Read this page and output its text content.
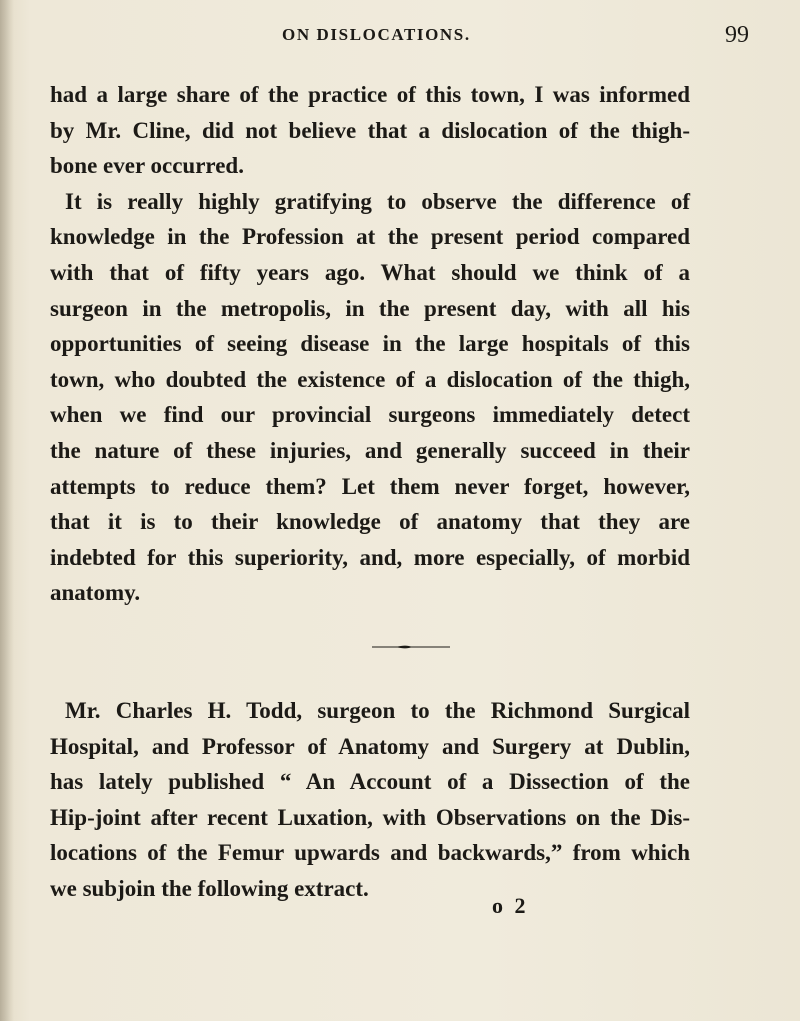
ON DISLOCATIONS.	99
had a large share of the practice of this town, I was informed
by Mr. Cline, did not believe that a dislocation of the thigh-
bone ever occurred.
It is really highly gratifying to observe the difference of
knowledge in the Profession at the present period compared
with that of fifty years ago. What should we think of a
surgeon in the metropolis, in the present day, with all his
opportunities of seeing disease in the large hospitals of this
town, who doubted the existence of a dislocation of the thigh,
when we find our provincial surgeons immediately detect
the nature of these injuries, and generally succeed in their
attempts to reduce them? Let them never forget, however,
that it is to their knowledge of anatomy that they are
indebted for this superiority, and, more especially, of morbid
anatomy.
Mr. Charles H. Todd, surgeon to the Richmond Surgical
Hospital, and Professor of Anatomy and Surgery at Dublin,
has lately published “ An Account of a Dissection of the
Hip-joint after recent Luxation, with Observations on the Dis-
locations of the Femur upwards and backwards,” from which
we subjoin the following extract.
o 2
